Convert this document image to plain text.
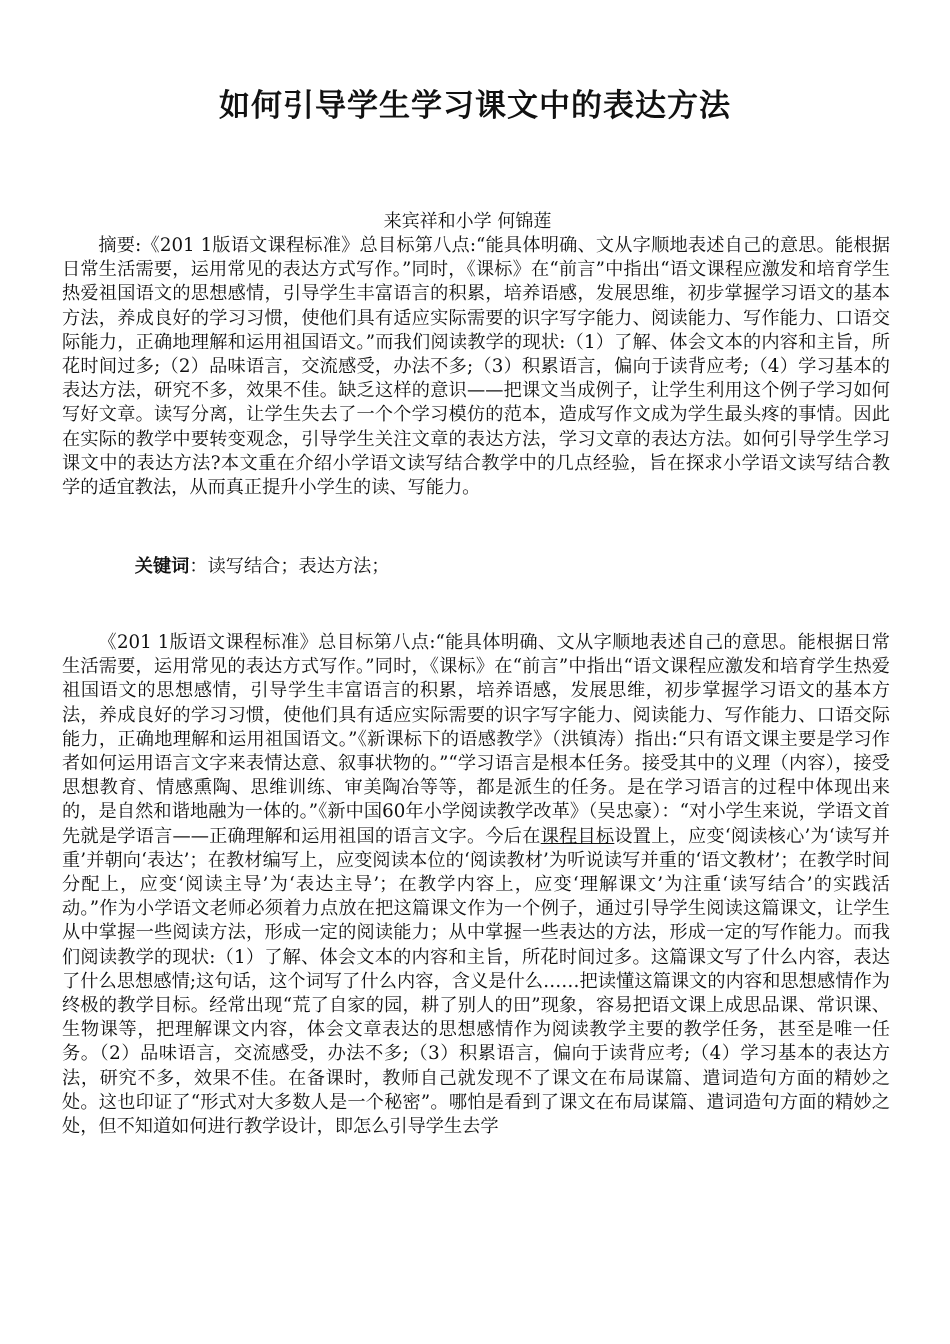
如何引导学生学习课文中的表达方法
来宾祥和小学 何锦莲
摘要:《201 1版语文课程标准》总目标第八点:“能具体明确、文从字顺地表述自己的意思。能根据日常生活需要，运用常见的表达方式写作。”同时，《课标》在“前言”中指出“语文课程应激发和培育学生热爱祖国语文的思想感情，引导学生丰富语言的积累，培养语感，发展思维，初步掌握学习语文的基本方法，养成良好的学习习惯，使他们具有适应实际需要的识字写字能力、阅读能力、写作能力、口语交际能力，正确地理解和运用祖国语文。”而我们阅读教学的现状:（1）了解、体会文本的内容和主旨，所花时间过多;（2）品味语言，交流感受，办法不多;（3）积累语言，偏向于读背应考;（4）学习基本的表达方法，研究不多，效果不佳。缺乏这样的意识——把课文当成例子，让学生利用这个例子学习如何写好文章。读写分离，让学生失去了一个个学习模仿的范本，造成写作文成为学生最头疼的事情。因此在实际的教学中要转变观念，引导学生关注文章的表达方法，学习文章的表达方法。如何引导学生学习课文中的表达方法?本文重在介绍小学语文读写结合教学中的几点经验，旨在探求小学语文读写结合教学的适宜教法，从而真正提升小学生的读、写能力。
关键词：读写结合；表达方法；
《201 1版语文课程标准》总目标第八点:“能具体明确、文从字顺地表述自己的意思。能根据日常生活需要，运用常见的表达方式写作。”同时，《课标》在“前言”中指出“语文课程应激发和培育学生热爱祖国语文的思想感情，引导学生丰富语言的积累，培养语感，发展思维，初步掌握学习语文的基本方法，养成良好的学习习惯，使他们具有适应实际需要的识字写字能力、阅读能力、写作能力、口语交际能力，正确地理解和运用祖国语文。”《新课标下的语感教学》（洪镇涛）指出:“只有语文课主要是学习作者如何运用语言文字来表情达意、叙事状物的。”“学习语言是根本任务。接受其中的义理（内容），接受思想教育、情感熏陶、思维训练、审美陶冶等等，都是派生的任务。是在学习语言的过程中体现出来的，是自然和谐地融为一体的。”《新中国60年小学阅读教学改革》（吴忠豪）：“对小学生来说，学语文首先就是学语言——正确理解和运用祖国的语言文字。今后在课程目标设置上，应变‘阅读核心’为‘读写并重’并朝向‘表达’；在教材编写上，应变阅读本位的‘阅读教材’为听说读写并重的‘语文教材’；在教学时间分配上，应变‘阅读主导’为‘表达主导’；在教学内容上，应变‘理解课文’为注重‘读写结合’的实践活动。”作为小学语文老师必须着力点放在把这篇课文作为一个例子，通过引导学生阅读这篇课文，让学生从中掌握一些阅读方法，形成一定的阅读能力；从中掌握一些表达的方法，形成一定的写作能力。而我们阅读教学的现状:（1）了解、体会文本的内容和主旨，所花时间过多。这篇课文写了什么内容，表达了什么思想感情;这句话，这个词写了什么内容，含义是什么……把读懂这篇课文的内容和思想感情作为终极的教学目标。经常出现“荒了自家的园，耕了别人的田”现象，容易把语文课上成思品课、常识课、生物课等，把理解课文内容，体会文章表达的思想感情作为阅读教学主要的教学任务，甚至是唯一任务。（2）品味语言，交流感受，办法不多;（3）积累语言，偏向于读背应考;（4）学习基本的表达方法，研究不多，效果不佳。在备课时，教师自己就发现不了课文在布局谋篇、遣词造句方面的精妙之处。这也印证了“形式对大多数人是一个秘密”。哪怕是看到了课文在布局谋篇、遣词造句方面的精妙之处，但不知道如何进行教学设计，即怎么引导学生去学
